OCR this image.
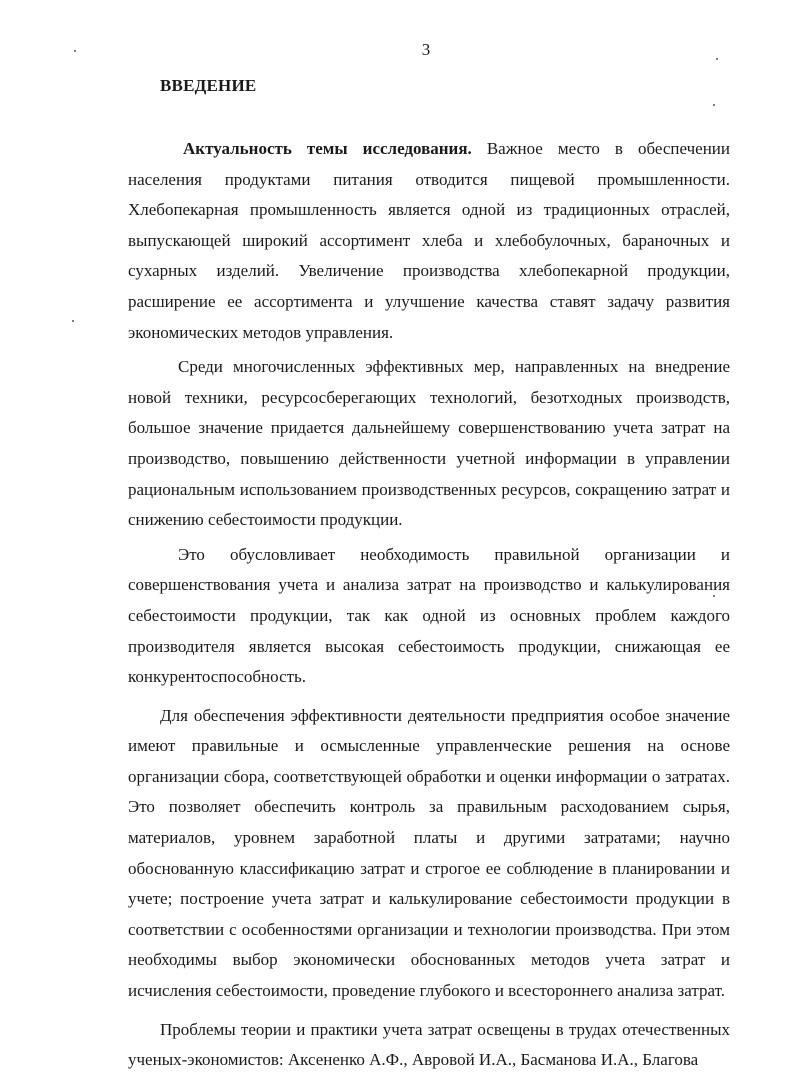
3
ВВЕДЕНИЕ

Актуальность темы исследования. Важное место в обеспечении населения продуктами питания отводится пищевой промышленности. Хлебопекарная промышленность является одной из традиционных отраслей, выпускающей широкий ассортимент хлеба и хлебобулочных, бараночных и сухарных изделий. Увеличение производства хлебопекарной продукции, расширение ее ассортимента и улучшение качества ставят задачу развития экономических методов управления.

Среди многочисленных эффективных мер, направленных на внедрение новой техники, ресурсосберегающих технологий, безотходных производств, большое значение придается дальнейшему совершенствованию учета затрат на производство, повышению действенности учетной информации в управлении рациональным использованием производственных ресурсов, сокращению затрат и снижению себестоимости продукции.

Это обусловливает необходимость правильной организации и совершенствования учета и анализа затрат на производство и калькулирования себестоимости продукции, так как одной из основных проблем каждого производителя является высокая себестоимость продукции, снижающая ее конкурентоспособность.

Для обеспечения эффективности деятельности предприятия особое значение имеют правильные и осмысленные управленческие решения на основе организации сбора, соответствующей обработки и оценки информации о затратах. Это позволяет обеспечить контроль за правильным расходованием сырья, материалов, уровнем заработной платы и другими затратами; научно обоснованную классификацию затрат и строгое ее соблюдение в планировании и учете; построение учета затрат и калькулирование себестоимости продукции в соответствии с особенностями организации и технологии производства. При этом необходимы выбор экономически обоснованных методов учета затрат и исчисления себестоимости, проведение глубокого и всестороннего анализа затрат.

Проблемы теории и практики учета затрат освещены в трудах отечественных ученых-экономистов: Аксененко А.Ф., Авровой И.А., Басманова И.А., Благова
